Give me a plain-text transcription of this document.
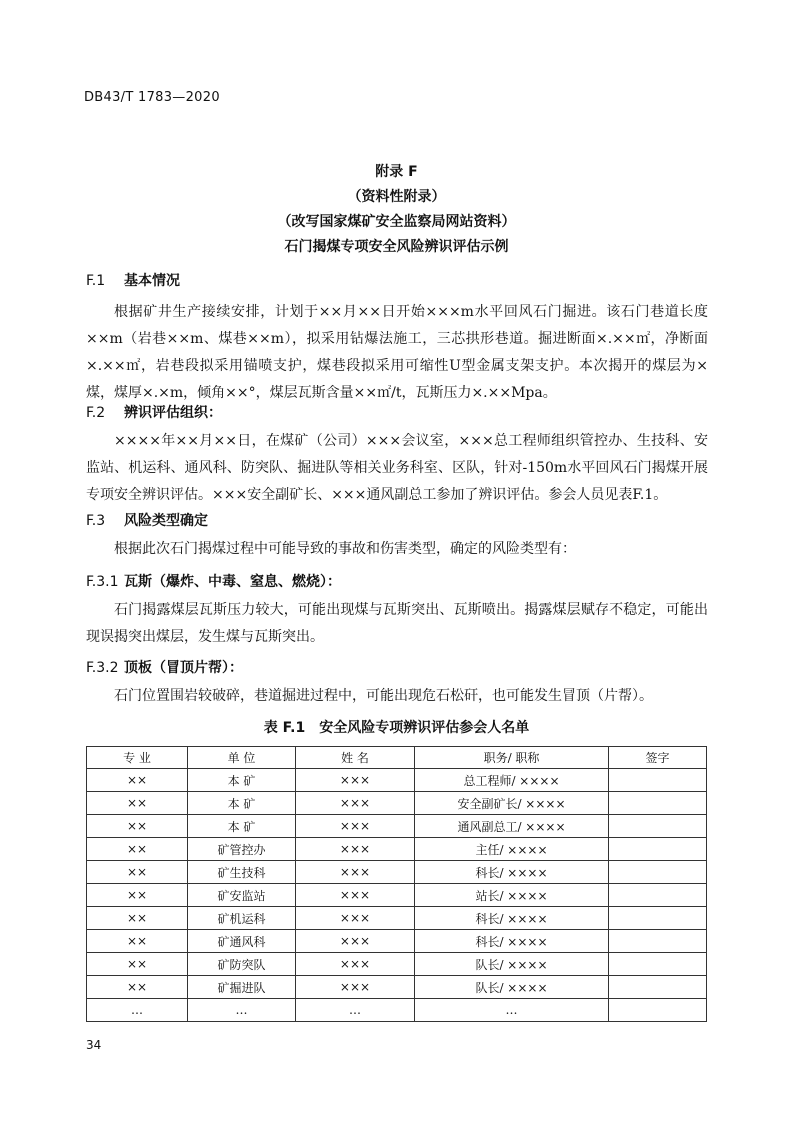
DB43/T 1783—2020
附录 F
（资料性附录）
（改写国家煤矿安全监察局网站资料）
石门揭煤专项安全风险辨识评估示例
F.1 基本情况
根据矿井生产接续安排，计划于××月××日开始×××m水平回风石门掘进。该石门巷道长度××m（岩巷××m、煤巷××m），拟采用钻爆法施工，三芯拱形巷道。掘进断面×.××㎡，净断面×.××㎡，岩巷段拟采用锚喷支护，煤巷段拟采用可缩性U型金属支架支护。本次揭开的煤层为×煤，煤厚×.×m，倾角××°，煤层瓦斯含量××㎡/t，瓦斯压力×.××Mpa。
F.2 辨识评估组织：
××××年××月××日，在煤矿（公司）×××会议室，×××总工程师组织管控办、生技科、安监站、机运科、通风科、防突队、掘进队等相关业务科室、区队，针对-150m水平回风石门揭煤开展专项安全辨识评估。×××安全副矿长、×××通风副总工参加了辨识评估。参会人员见表F.1。
F.3 风险类型确定
根据此次石门揭煤过程中可能导致的事故和伤害类型，确定的风险类型有：
F.3.1 瓦斯（爆炸、中毒、窒息、燃烧）：
石门揭露煤层瓦斯压力较大，可能出现煤与瓦斯突出、瓦斯喷出。揭露煤层赋存不稳定，可能出现误揭突出煤层，发生煤与瓦斯突出。
F.3.2 顶板（冒顶片帮）：
石门位置围岩较破碎，巷道掘进过程中，可能出现危石松矸，也可能发生冒顶（片帮）。
表 F.1　安全风险专项辨识评估参会人名单
专 业	单 位	姓 名	职务/ 职称	签字
××	本 矿	×××	总工程师/ ××××	
××	本 矿	×××	安全副矿长/ ××××	
××	本 矿	×××	通风副总工/ ××××	
××	矿管控办	×××	主任/ ××××	
××	矿生技科	×××	科长/ ××××	
××	矿安监站	×××	站长/ ××××	
××	矿机运科	×××	科长/ ××××	
××	矿通风科	×××	科长/ ××××	
××	矿防突队	×××	队长/ ××××	
××	矿掘进队	×××	队长/ ××××	
…	…	…	…	
34
